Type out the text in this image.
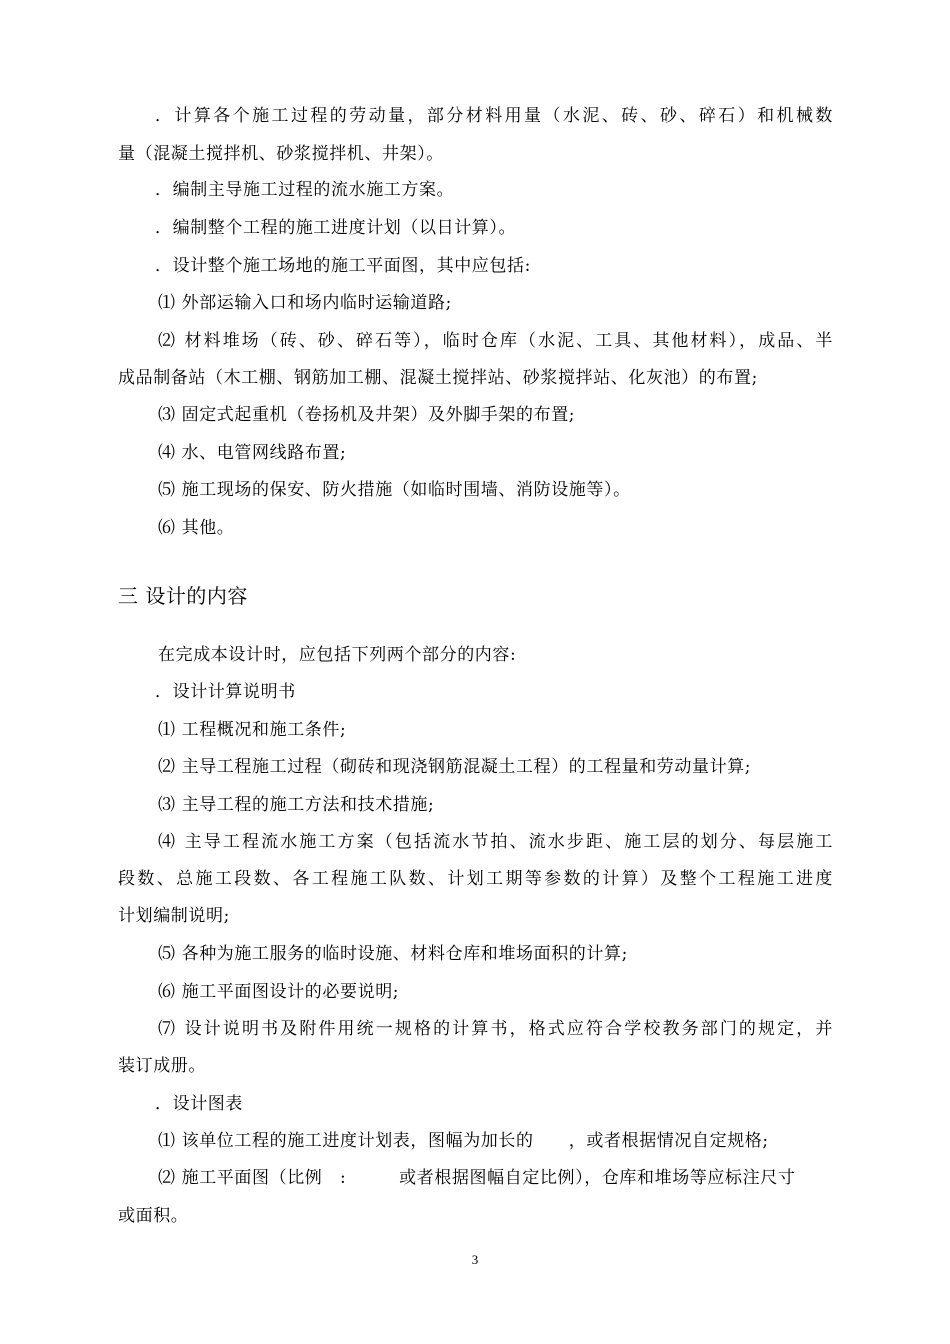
．计算各个施工过程的劳动量，部分材料用量（水泥、砖、砂、碎石）和机械数
量（混凝土搅拌机、砂浆搅拌机、井架）。
．编制主导施工过程的流水施工方案。
．编制整个工程的施工进度计划（以日计算）。
．设计整个施工场地的施工平面图，其中应包括:
⑴ 外部运输入口和场内临时运输道路;
⑵ 材料堆场（砖、砂、碎石等），临时仓库（水泥、工具、其他材料），成品、半
成品制备站（木工棚、钢筋加工棚、混凝土搅拌站、砂浆搅拌站、化灰池）的布置;
⑶ 固定式起重机（卷扬机及井架）及外脚手架的布置;
⑷ 水、电管网线路布置;
⑸ 施工现场的保安、防火措施（如临时围墙、消防设施等）。
⑹ 其他。
三 设计的内容
在完成本设计时，应包括下列两个部分的内容:
．设计计算说明书
⑴ 工程概况和施工条件;
⑵ 主导工程施工过程（砌砖和现浇钢筋混凝土工程）的工程量和劳动量计算;
⑶ 主导工程的施工方法和技术措施;
⑷ 主导工程流水施工方案（包括流水节拍、流水步距、施工层的划分、每层施工
段数、总施工段数、各工程施工队数、计划工期等参数的计算）及整个工程施工进度
计划编制说明;
⑸ 各种为施工服务的临时设施、材料仓库和堆场面积的计算;
⑹ 施工平面图设计的必要说明;
⑺ 设计说明书及附件用统一规格的计算书，格式应符合学校教务部门的规定，并
装订成册。
．设计图表
⑴ 该单位工程的施工进度计划表，图幅为加长的　　，或者根据情况自定规格;
⑵ 施工平面图（比例　:　　　或者根据图幅自定比例），仓库和堆场等应标注尺寸
或面积。
3
